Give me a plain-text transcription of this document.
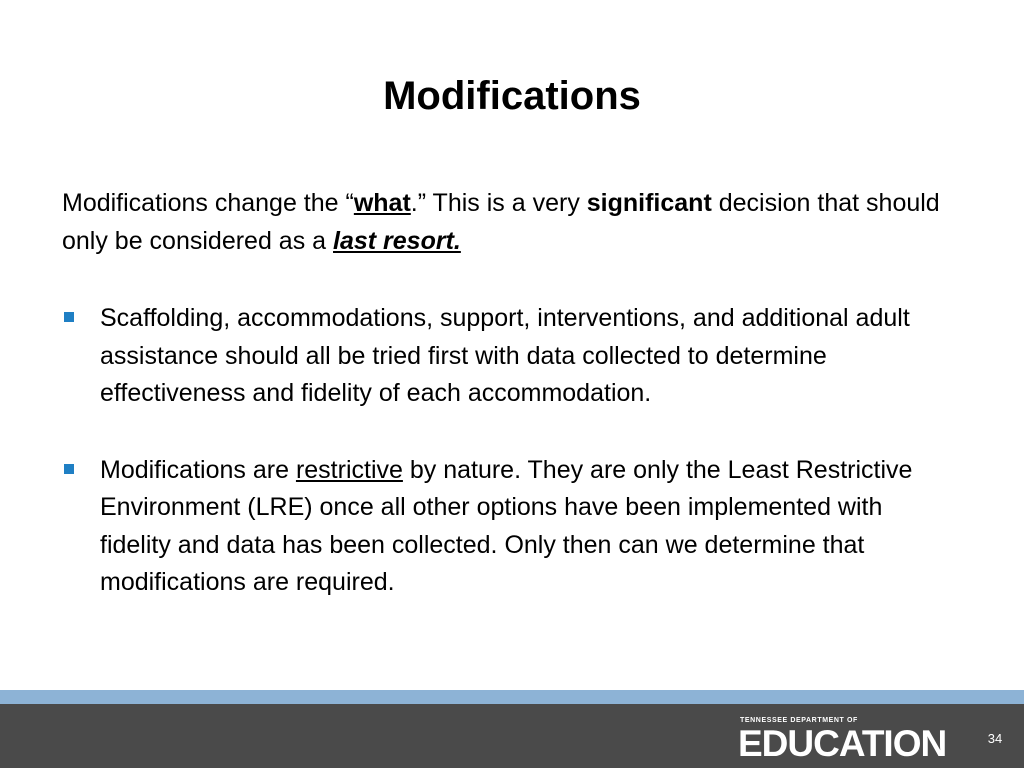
Modifications

Modifications change the “what.” This is a very significant decision that should only be considered as a last resort.

Scaffolding, accommodations, support, interventions, and additional adult assistance should all be tried first with data collected to determine effectiveness and fidelity of each accommodation.
Modifications are restrictive by nature. They are only the Least Restrictive Environment (LRE) once all other options have been implemented with fidelity and data has been collected. Only then can we determine that modifications are required.
TENNESSEE DEPARTMENT OF
EDUCATION	34
